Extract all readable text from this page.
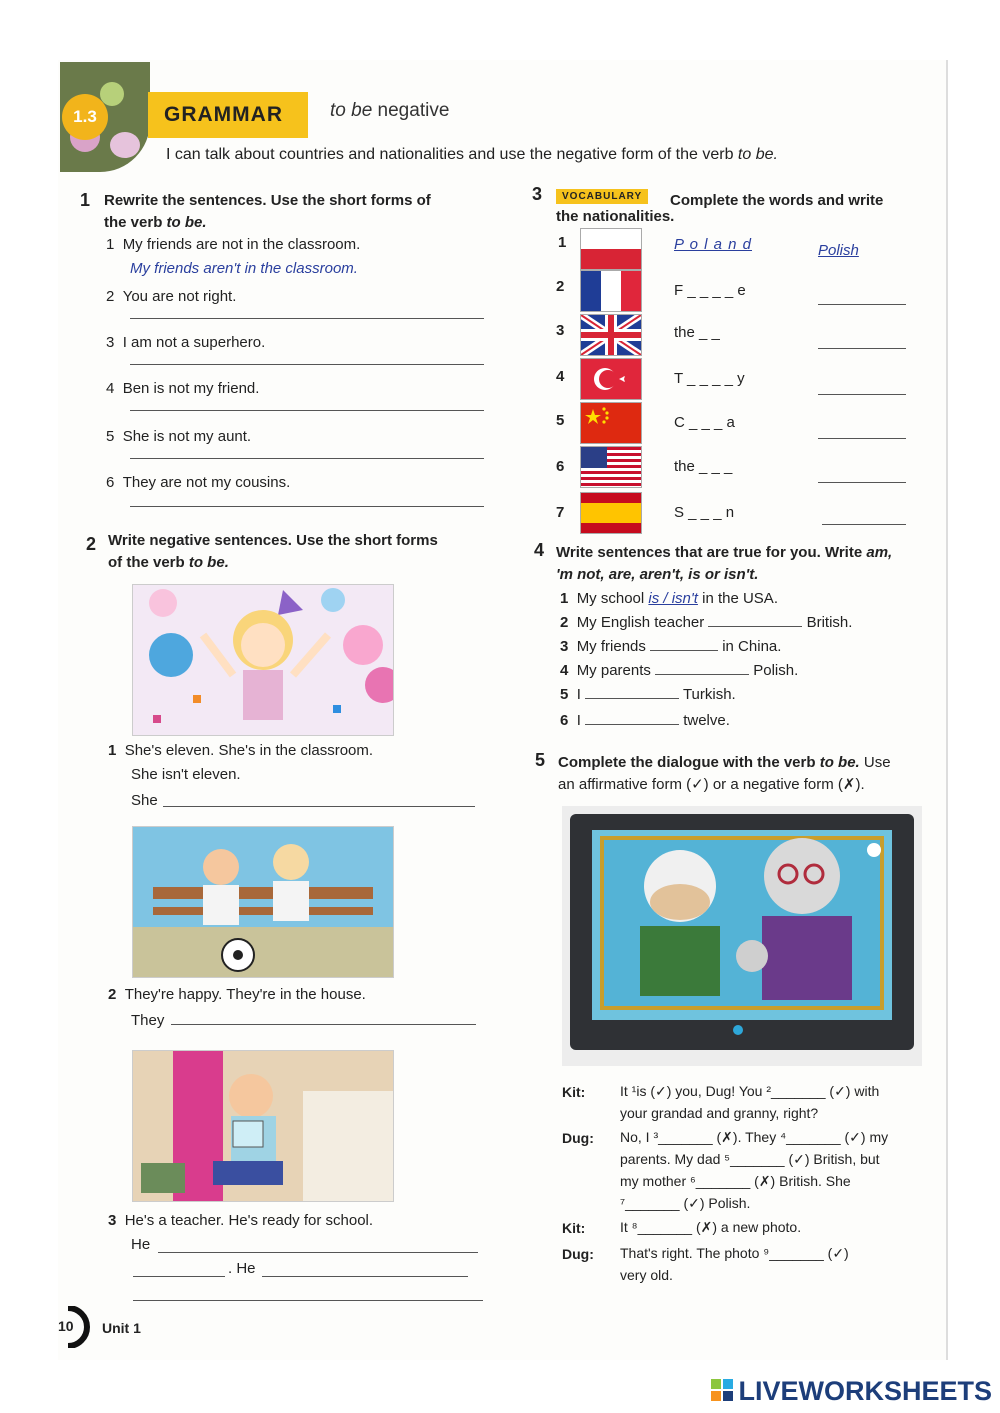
1.3	GRAMMAR	to be negative
I can talk about countries and nationalities and use the negative form of the verb to be.
1 Rewrite the sentences. Use the short forms of
the verb to be.
1 My friends are not in the classroom.
My friends aren't in the classroom.
2 You are not right.
3 I am not a superhero.
4 Ben is not my friend.
5 She is not my aunt.
6 They are not my cousins.
2 Write negative sentences. Use the short forms
of the verb to be.
1 She's eleven. She's in the classroom.
She isn't eleven.
She
2 They're happy. They're in the house.
They
3 He's a teacher. He's ready for school.
He
. He
3	VOCABULARY	Complete the words and write
the nationalities.
1	P o l a n d	Polish
2	F _ _ _ _ e
3	the _ _
4	T _ _ _ _ y
5	C _ _ _ a
6	the _ _ _
7	S _ _ _ n
4 Write sentences that are true for you. Write am,
'm not, are, aren't, is or isn't.
1 My school is / isn't in the USA.
2 My English teacher	British.
3 My friends	in China.
4 My parents	Polish.
5 I	Turkish.
6 I	twelve.
5 Complete the dialogue with the verb to be. Use
an affirmative form (✓) or a negative form (✗).
Kit: It ¹is (✓) you, Dug! You ²_______ (✓) with
your grandad and granny, right?
Dug: No, I ³_______ (✗). They ⁴_______ (✓) my
parents. My dad ⁵_______ (✓) British, but
my mother ⁶_______ (✗) British. She
⁷_______ (✓) Polish.
Kit: It ⁸_______ (✗) a new photo.
Dug: That's right. The photo ⁹_______ (✓)
very old.
10 Unit 1
LIVEWORKSHEETS
